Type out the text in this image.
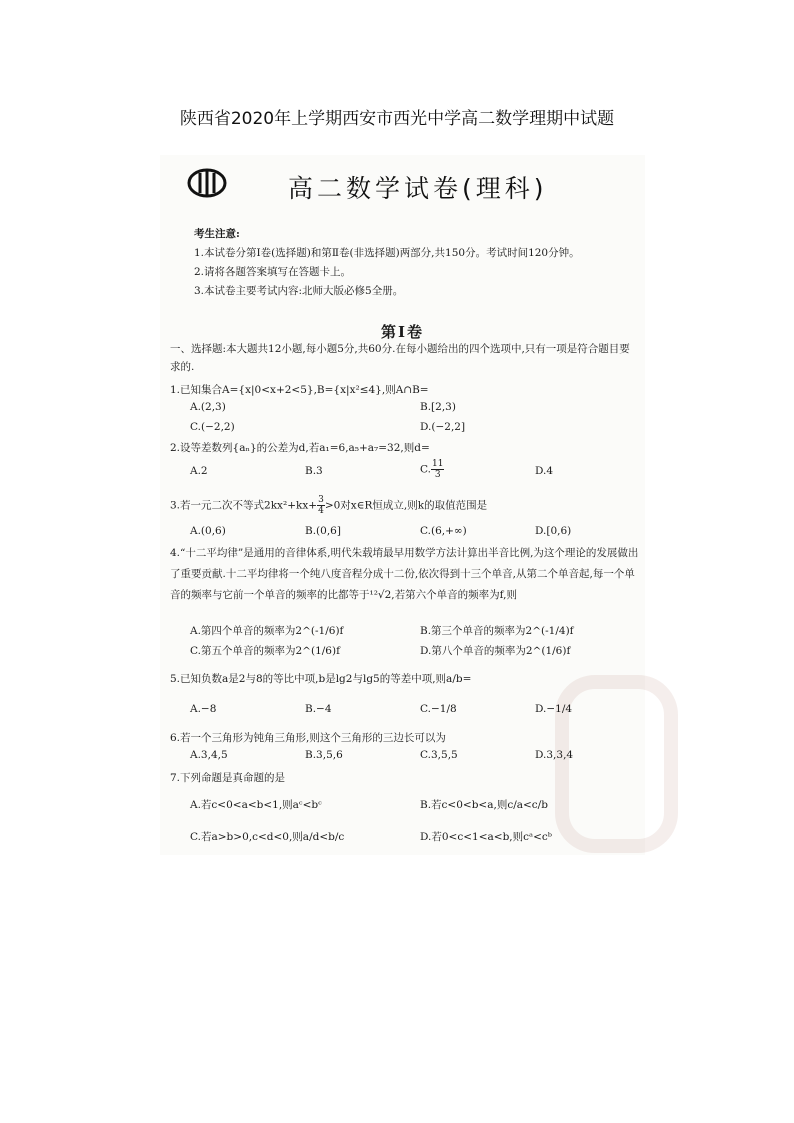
陕西省2020年上学期西安市西光中学高二数学理期中试题
高二数学试卷(理科)
考生注意:
1.本试卷分第Ⅰ卷(选择题)和第Ⅱ卷(非选择题)两部分,共150分。考试时间120分钟。
2.请将各题答案填写在答题卡上。
3.本试卷主要考试内容:北师大版必修5全册。
第Ⅰ卷
一、选择题:本大题共12小题,每小题5分,共60分.在每小题给出的四个选项中,只有一项是符合题目要求的.
1.已知集合A={x|0<x+2<5},B={x|x²≤4},则A∩B=
A.(2,3)	B.[2,3)
C.(−2,2)	D.(−2,2]
2.设等差数列{aₙ}的公差为d,若a₁=6,a₅+a₇=32,则d=
A.2	B.3	C. $\frac{11}{3}$	D.4
3.若一元二次不等式$2kx^2+kx+ \frac{3}{4} >0$对x∈R恒成立,则k的取值范围是
A.(0,6)	B.(0,6]	C.(6,+∞)	D.[0,6)
4.“十二平均律”是通用的音律体系,明代朱载堉最早用数学方法计算出半音比例,为这个理论的发展做出了重要贡献.十二平均律将一个纯八度音程分成十二份,依次得到十三个单音,从第二个单音起,每一个单音的频率与它前一个单音的频率的比都等于¹²√2,若第六个单音的频率为f,则
A.第四个单音的频率为2^(-1/6)f	B.第三个单音的频率为2^(-1/4)f
C.第五个单音的频率为2^(1/6)f	D.第八个单音的频率为2^(1/6)f
5.已知负数a是2与8的等比中项,b是lg2与lg5的等差中项,则a/b=
A.−8	B.−4	C.−1/8	D.−1/4
6.若一个三角形为钝角三角形,则这个三角形的三边长可以为
A.3,4,5	B.3,5,6	C.3,5,5	D.3,3,4
7.下列命题是真命题的是
A.若c<0<a<b<1,则aᶜ<bᶜ	B.若c<0<b<a,则c/a<c/b
C.若a>b>0,c<d<0,则a/d<b/c	D.若0<c<1<a<b,则cᵃ<cᵇ
